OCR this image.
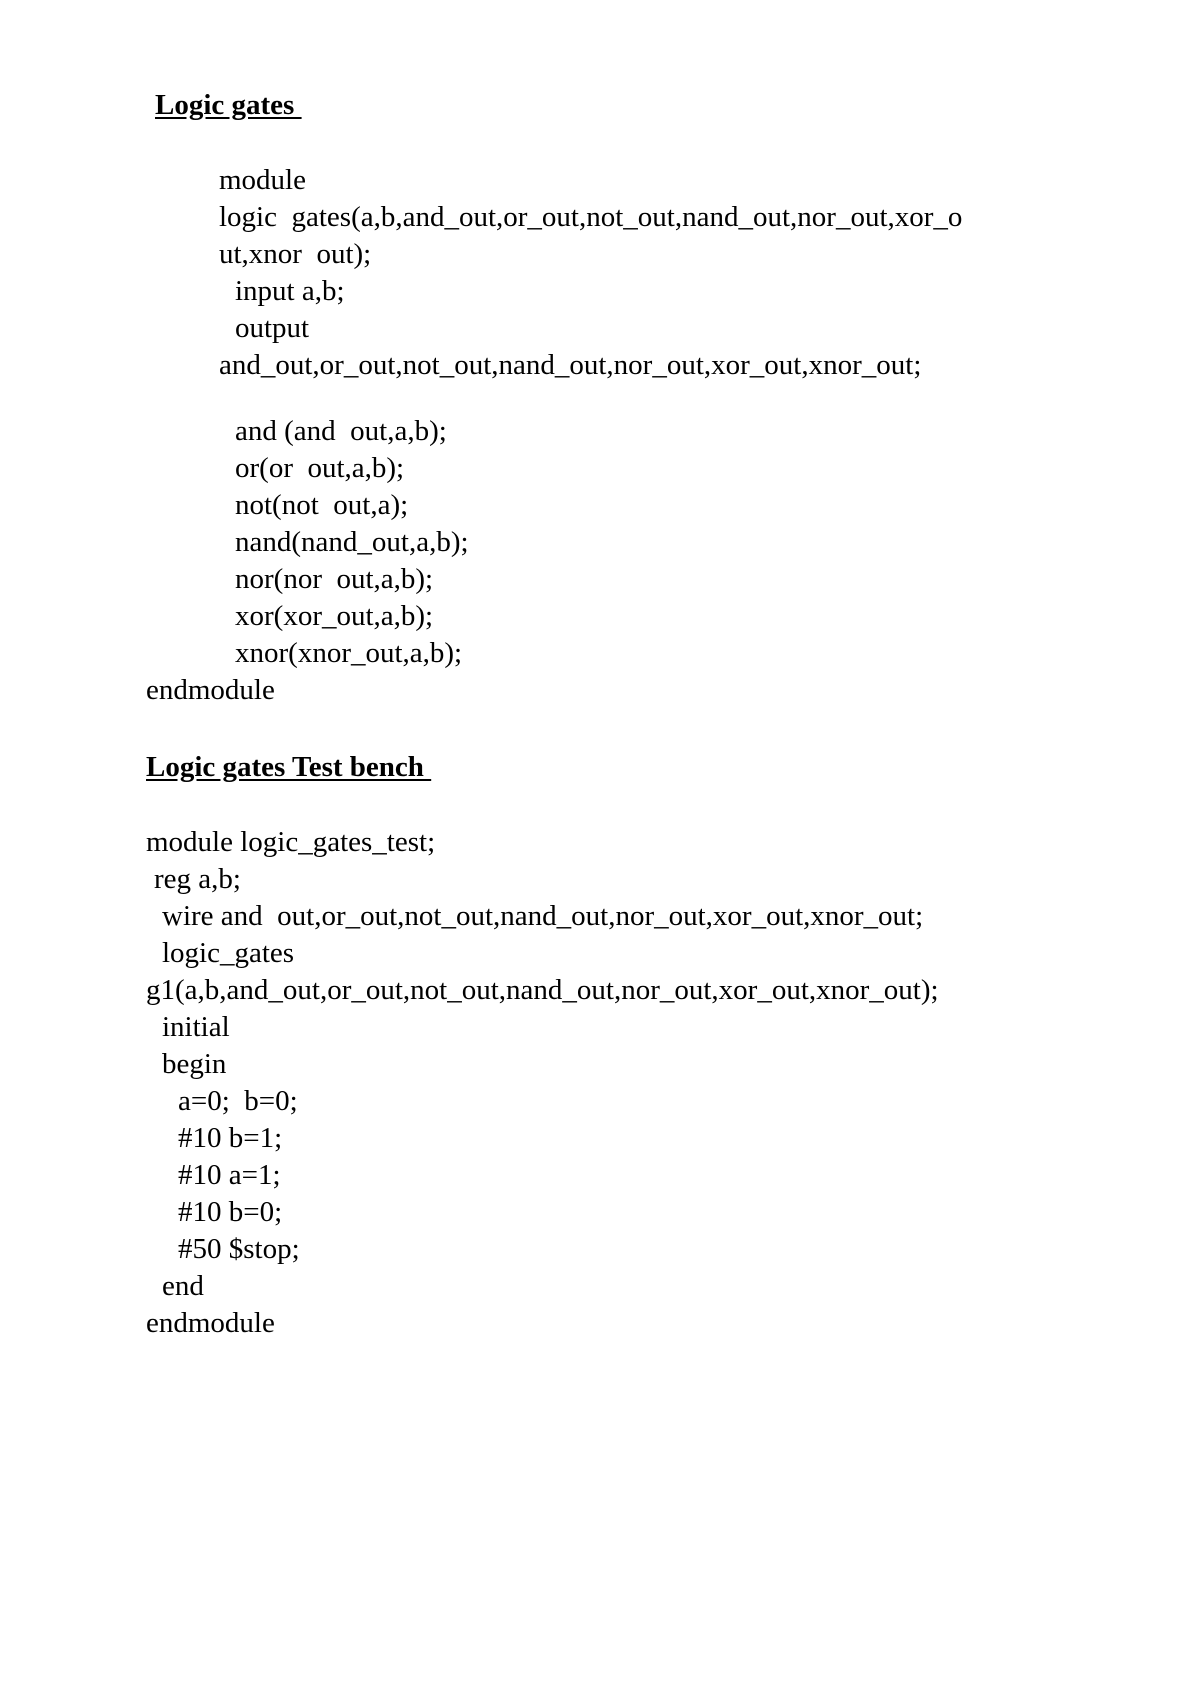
Logic gates
module
logic  gates(a,b,and_out,or_out,not_out,nand_out,nor_out,xor_o
ut,xnor  out);
input a,b;
output
and_out,or_out,not_out,nand_out,nor_out,xor_out,xnor_out;
and (and  out,a,b);
or(or  out,a,b);
not(not  out,a);
nand(nand_out,a,b);
nor(nor  out,a,b);
xor(xor_out,a,b);
xnor(xnor_out,a,b);
endmodule
Logic gates Test bench
module logic_gates_test;
reg a,b;
wire and  out,or_out,not_out,nand_out,nor_out,xor_out,xnor_out;
logic_gates
g1(a,b,and_out,or_out,not_out,nand_out,nor_out,xor_out,xnor_out);
initial
begin
a=0;  b=0;
#10 b=1;
#10 a=1;
#10 b=0;
#50 $stop;
end
endmodule
